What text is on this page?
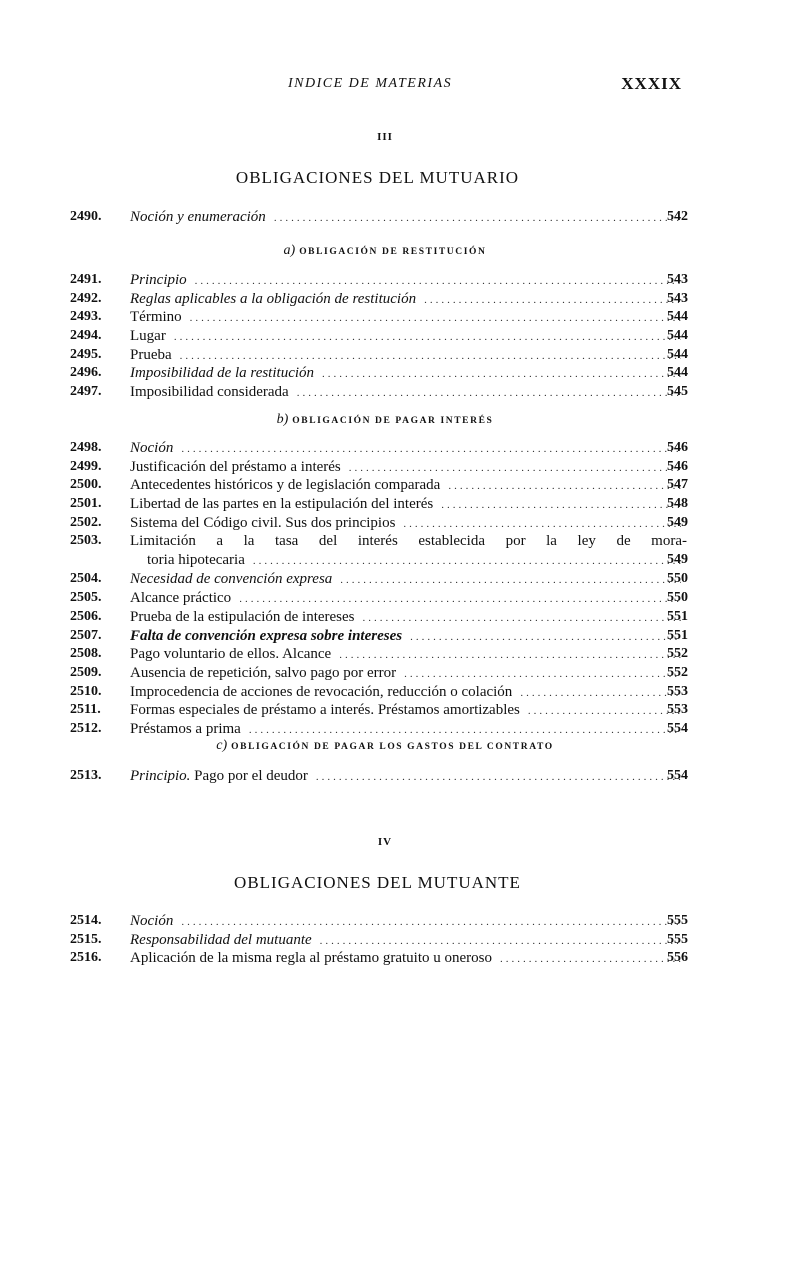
INDICE DE MATERIAS	XXXIX
III
OBLIGACIONES DEL MUTUARIO
2490. Noción y enumeración .....	542
a) OBLIGACIÓN DE RESTITUCIÓN
2491. Principio .....	543
2492. Reglas aplicables a la obligación de restitución .....	543
2493. Término .....	544
2494. Lugar .....	544
2495. Prueba .....	544
2496. Imposibilidad de la restitución .....	544
2497. Imposibilidad considerada .....	545
b) OBLIGACIÓN DE PAGAR INTERÉS
2498. Noción .....	546
2499. Justificación del préstamo a interés .....	546
2500. Antecedentes históricos y de legislación comparada .....	547
2501. Libertad de las partes en la estipulación del interés .....	548
2502. Sistema del Código civil. Sus dos principios .....	549
2503. Limitación a la tasa del interés establecida por la ley de mora-
toria hipotecaria .....	549
2504. Necesidad de convención expresa .....	550
2505. Alcance práctico .....	550
2506. Prueba de la estipulación de intereses .....	551
2507. Falta de convención expresa sobre intereses .....	551
2508. Pago voluntario de ellos. Alcance .....	552
2509. Ausencia de repetición, salvo pago por error .....	552
2510. Improcedencia de acciones de revocación, reducción o colación .....	553
2511. Formas especiales de préstamo a interés. Préstamos amortizables .....	553
2512. Préstamos a prima .....	554
c) OBLIGACIÓN DE PAGAR LOS GASTOS DEL CONTRATO
2513. Principio. Pago por el deudor .....	554
IV
OBLIGACIONES DEL MUTUANTE
2514. Noción .....	555
2515. Responsabilidad del mutuante .....	555
2516. Aplicación de la misma regla al préstamo gratuito u oneroso .....	556
